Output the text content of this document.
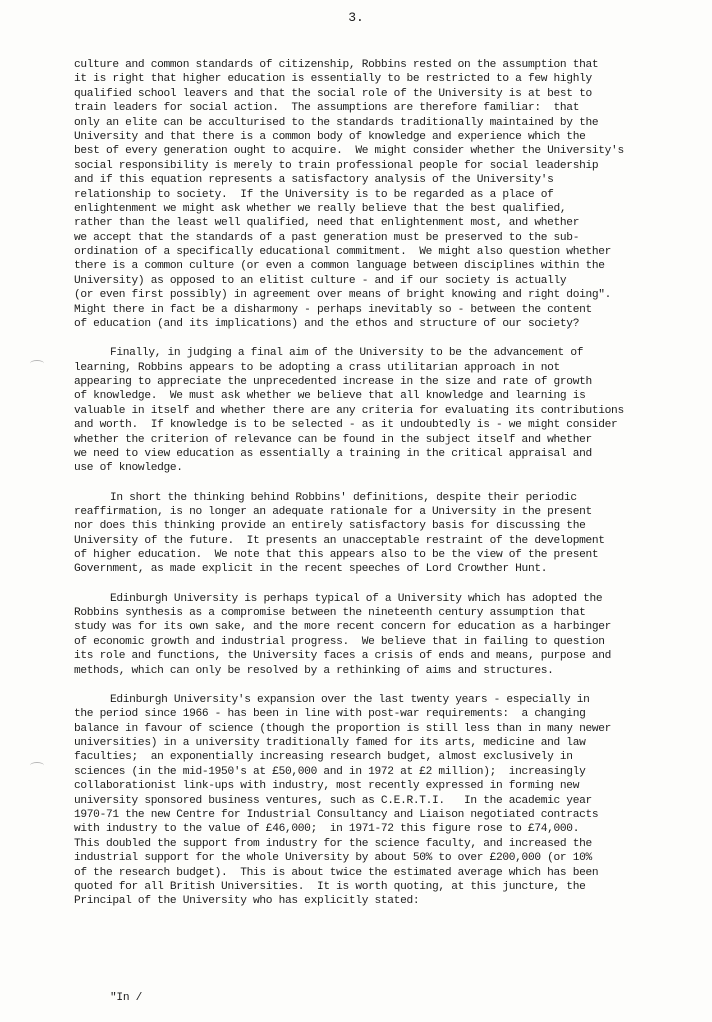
3.
culture and common standards of citizenship, Robbins rested on the assumption that
it is right that higher education is essentially to be restricted to a few highly
qualified school leavers and that the social role of the University is at best to
train leaders for social action.  The assumptions are therefore familiar:  that
only an elite can be acculturised to the standards traditionally maintained by the
University and that there is a common body of knowledge and experience which the
best of every generation ought to acquire.  We might consider whether the University's
social responsibility is merely to train professional people for social leadership
and if this equation represents a satisfactory analysis of the University's
relationship to society.  If the University is to be regarded as a place of
enlightenment we might ask whether we really believe that the best qualified,
rather than the least well qualified, need that enlightenment most, and whether
we accept that the standards of a past generation must be preserved to the sub-
ordination of a specifically educational commitment.  We might also question whether
there is a common culture (or even a common language between disciplines within the
University) as opposed to an elitist culture - and if our society is actually
(or even first possibly) in agreement over means of bright knowing and right doing".
Might there in fact be a disharmony - perhaps inevitably so - between the content
of education (and its implications) and the ethos and structure of our society?
Finally, in judging a final aim of the University to be the advancement of
learning, Robbins appears to be adopting a crass utilitarian approach in not
appearing to appreciate the unprecedented increase in the size and rate of growth
of knowledge.  We must ask whether we believe that all knowledge and learning is
valuable in itself and whether there are any criteria for evaluating its contributions
and worth.  If knowledge is to be selected - as it undoubtedly is - we might consider
whether the criterion of relevance can be found in the subject itself and whether
we need to view education as essentially a training in the critical appraisal and
use of knowledge.
In short the thinking behind Robbins' definitions, despite their periodic
reaffirmation, is no longer an adequate rationale for a University in the present
nor does this thinking provide an entirely satisfactory basis for discussing the
University of the future.  It presents an unacceptable restraint of the development
of higher education.  We note that this appears also to be the view of the present
Government, as made explicit in the recent speeches of Lord Crowther Hunt.
Edinburgh University is perhaps typical of a University which has adopted the
Robbins synthesis as a compromise between the nineteenth century assumption that
study was for its own sake, and the more recent concern for education as a harbinger
of economic growth and industrial progress.  We believe that in failing to question
its role and functions, the University faces a crisis of ends and means, purpose and
methods, which can only be resolved by a rethinking of aims and structures.
Edinburgh University's expansion over the last twenty years - especially in
the period since 1966 - has been in line with post-war requirements:  a changing
balance in favour of science (though the proportion is still less than in many newer
universities) in a university traditionally famed for its arts, medicine and law
faculties;  an exponentially increasing research budget, almost exclusively in
sciences (in the mid-1950's at £50,000 and in 1972 at £2 million);  increasingly
collaborationist link-ups with industry, most recently expressed in forming new
university sponsored business ventures, such as C.E.R.T.I.   In the academic year
1970-71 the new Centre for Industrial Consultancy and Liaison negotiated contracts
with industry to the value of £46,000;  in 1971-72 this figure rose to £74,000.
This doubled the support from industry for the science faculty, and increased the
industrial support for the whole University by about 50% to over £200,000 (or 10%
of the research budget).  This is about twice the estimated average which has been
quoted for all British Universities.  It is worth quoting, at this juncture, the
Principal of the University who has explicitly stated:
"In /
